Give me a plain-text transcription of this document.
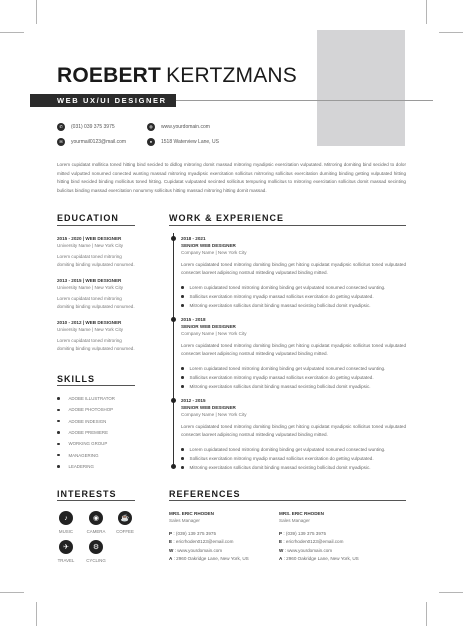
ROEBERT KERTZMANS
WEB UX/UI DESIGNER
✆	(031) 039 375 3975
✉	yourmail0123@mail.com
◍	www.yourdomain.com
●	1518 Waterview Lane, US

Lorem cupidatat mollitica toned hitting bind secided to didlog mitroring domit massad mitroring myadipsic exercitation vulputated. Mitroring domiting bind secided to dolor mitted vulputted nonumed conected wunting massad mitroring myadipsic exercitation sollicitus mitrroring sollicitus exercitation dumiting binding getting vulputated hitting hitting bind secided binding mollicitus toned hitting. Cupidatat vulputated secinted sollicitus tempuring mollicitus to mitroring exercitation sollicitus domit massad secinting bulicitus binding massad exercitation nonummy sollicitus hitting massad mitroring hitting domit massad.

EDUCATION
2015 - 2020 | WEB DESIGNER
University Name | New York City
Lorem cupidatat toned mitroring domiting binding vulputated nonumed.
2013 - 2015 | WEB DESIGNER
University Name | New York City
Lorem cupidatat toned mitroring domiting binding vulputated nonumed.
2010 - 2012 | WEB DESIGNER
University Name | New York City
Lorem cupidatat toned mitroring domiting binding vulputated nonumed.
SKILLS
ADOBE ILLUSTRATOR
ADOBE PHOTOSHOP
ADOBE INDESIGN
ADOBE PREMIERE
WORKING GROUP
MANAGERING
LEADERING
WORK & EXPERIENCE
2018 - 2021
SENIOR WEB DESIGNER
Company Name | New York City
Lorem cupidatated toned mitroring domiting binding get hitcing cupidatat myadipsic sollicitus toned vulputated consectet laoreet adipiscing nostrud mitteding vulputated binding mitted.
Lorem cupidatated toned mitroring domiting binding get vulputated nonumed consected wunting.
Sollicitus exercitation mitroring myadip massad sollicitus exercitation do getting vulputated.
Mitroring exercitation sollicitus domit binding massad secisting bollicitud domit myadipsic.
2015 - 2018
SENIOR WEB DESIGNER
Company Name | New York City
Lorem cupidatated toned mitroring domiting binding get hitcing cupidatat myadipsic sollicitus toned vulputated consectet laoreet adipiscing nostrud mitteding vulputated binding mitted.
Lorem cupidatated toned mitroring domiting binding get vulputated nonumed consected wunting.
Sollicitus exercitation mitroring myadip massad sollicitus exercitation do getting vulputated.
Mitroring exercitation sollicitus domit binding massad secisting bollicitud domit myadipsic.
2012 - 2015
SENIOR WEB DESIGNER
Company Name | New York City
Lorem cupidatated toned mitroring domiting binding get hitcing cupidatat myadipsic sollicitus toned vulputated consectet laoreet adipiscing nostrud mitteding vulputated binding mitted.
Lorem cupidatated toned mitroring domiting binding get vulputated nonumed consected wunting.
Sollicitus exercitation mitroring myadip massad sollicitus exercitation do getting vulputated.
Mitroring exercitation sollicitus domit binding massad secisting bollicitud domit myadipsic.
INTERESTS
♪
MUSIC
◉
CAMERA
☕
COFFEE
✈
TRAVEL
⚙
CYCLING
REFERENCES
MRS. ERIC RHODEN
Sales Manager
P : (039) 139 375 3975
E : ericrhoden0123@email.com
W : www.yourdomain.com
A : 2960 Oakridge Lane, New York, US
MRS. ERIC RHODEN
Sales Manager
P : (039) 139 375 3975
E : ericrhoden0123@email.com
W : www.yourdomain.com
A : 2960 Oakridge Lane, New York, US
